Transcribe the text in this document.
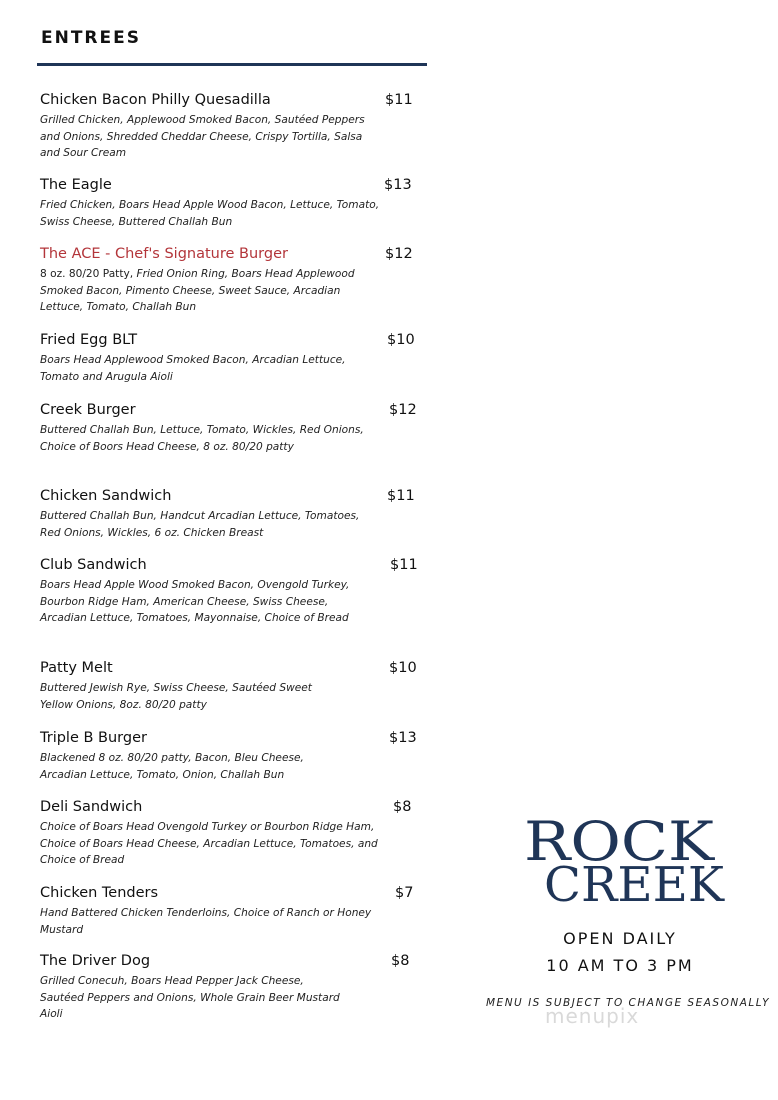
ENTREES
Chicken Bacon Philly Quesadilla	$11
Grilled Chicken, Applewood Smoked Bacon, Sautéed Peppers and Onions, Shredded Cheddar Cheese, Crispy Tortilla, Salsa and Sour Cream
The Eagle	$13
Fried Chicken, Boars Head Apple Wood Bacon, Lettuce, Tomato, Swiss Cheese, Buttered Challah Bun
The ACE - Chef's Signature Burger	$12
8 oz. 80/20 Patty, Fried Onion Ring, Boars Head Applewood Smoked Bacon, Pimento Cheese, Sweet Sauce, Arcadian Lettuce, Tomato, Challah Bun
Fried Egg BLT	$10
Boars Head Applewood Smoked Bacon, Arcadian Lettuce, Tomato and Arugula Aioli
Creek Burger	$12
Buttered Challah Bun, Lettuce, Tomato, Wickles, Red Onions, Choice of Boors Head Cheese, 8 oz. 80/20 patty
Chicken Sandwich	$11
Buttered Challah Bun, Handcut Arcadian Lettuce, Tomatoes, Red Onions, Wickles, 6 oz. Chicken Breast
Club Sandwich	$11
Boars Head Apple Wood Smoked Bacon, Ovengold Turkey, Bourbon Ridge Ham, American Cheese, Swiss Cheese, Arcadian Lettuce, Tomatoes, Mayonnaise, Choice of Bread
Patty Melt	$10
Buttered Jewish Rye, Swiss Cheese, Sautéed Sweet Yellow Onions, 8oz. 80/20 patty
Triple B Burger	$13
Blackened 8 oz. 80/20 patty, Bacon, Bleu Cheese, Arcadian Lettuce, Tomato, Onion, Challah Bun
Deli Sandwich	$8
Choice of Boars Head Ovengold Turkey or Bourbon Ridge Ham, Choice of Boars Head Cheese, Arcadian Lettuce, Tomatoes, and Choice of Bread
Chicken Tenders	$7
Hand Battered Chicken Tenderloins, Choice of Ranch or Honey Mustard
The Driver Dog	$8
Grilled Conecuh, Boars Head Pepper Jack Cheese, Sautéed Peppers and Onions, Whole Grain Beer Mustard Aioli
ROCK
CREEK
OPEN DAILY
10 AM TO 3 PM
MENU IS SUBJECT TO CHANGE SEASONALLY
menupix
